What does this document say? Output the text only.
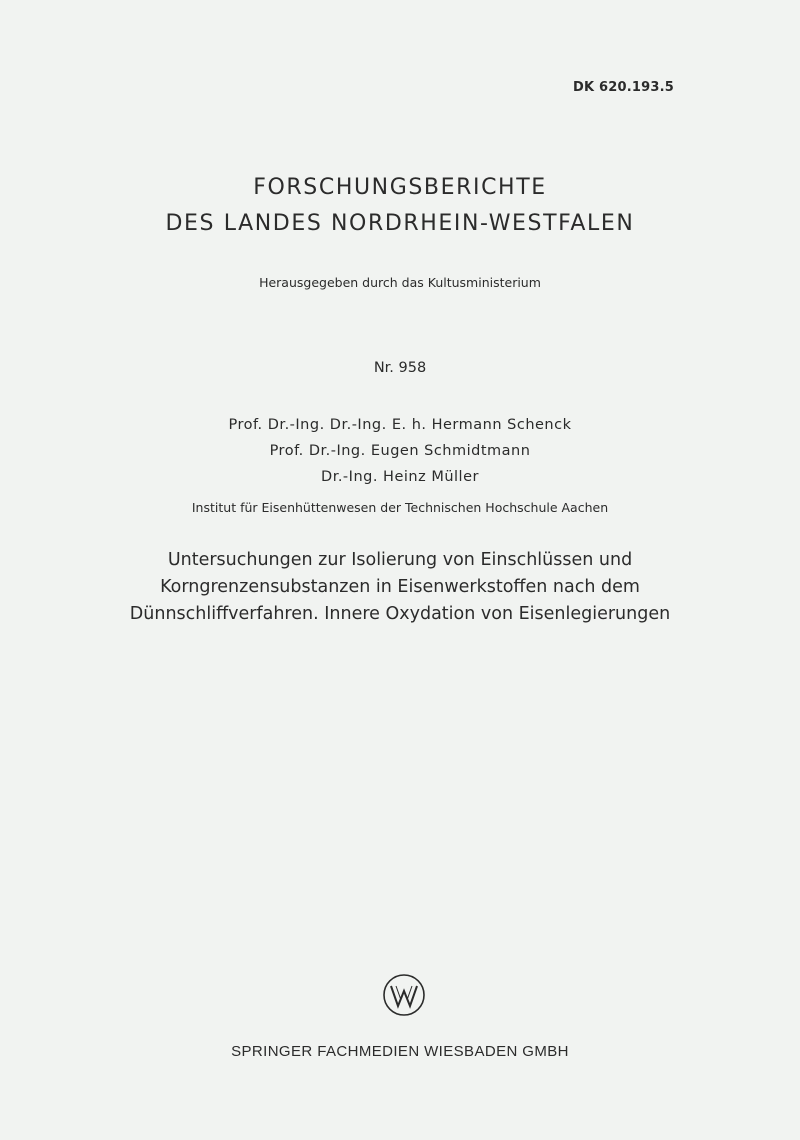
DK 620.193.5
FORSCHUNGSBERICHTE
DES LANDES NORDRHEIN-WESTFALEN
Herausgegeben durch das Kultusministerium
Nr. 958
Prof. Dr.-Ing. Dr.-Ing. E. h. Hermann Schenck
Prof. Dr.-Ing. Eugen Schmidtmann
Dr.-Ing. Heinz Müller
Institut für Eisenhüttenwesen der Technischen Hochschule Aachen
Untersuchungen zur Isolierung von Einschlüssen und
Korngrenzensubstanzen in Eisenwerkstoffen nach dem
Dünnschliffverfahren. Innere Oxydation von Eisenlegierungen
SPRINGER FACHMEDIEN WIESBADEN GMBH
